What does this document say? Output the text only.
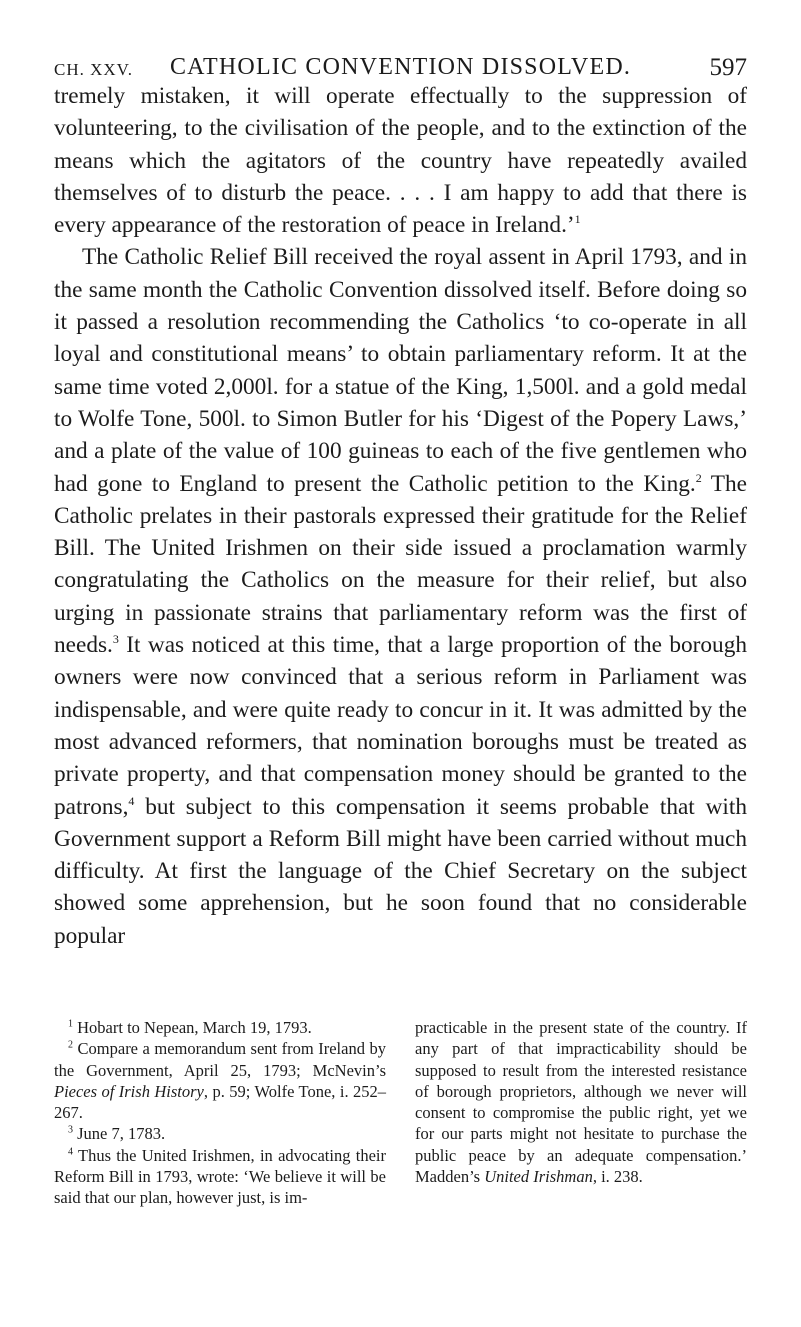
CH. XXV.	CATHOLIC CONVENTION DISSOLVED.	597

tremely mistaken, it will operate effectually to the suppression of volunteering, to the civilisation of the people, and to the extinction of the means which the agitators of the country have repeatedly availed themselves of to disturb the peace. . . . I am happy to add that there is every appearance of the restoration of peace in Ireland.’$^1$

The Catholic Relief Bill received the royal assent in April 1793, and in the same month the Catholic Convention dissolved itself. Before doing so it passed a resolution recommending the Catholics ‘to co-operate in all loyal and constitutional means’ to obtain parliamentary reform. It at the same time voted 2,000l. for a statue of the King, 1,500l. and a gold medal to Wolfe Tone, 500l. to Simon Butler for his ‘Digest of the Popery Laws,’ and a plate of the value of 100 guineas to each of the five gentlemen who had gone to England to present the Catholic petition to the King.$^2$ The Catholic prelates in their pastorals expressed their gratitude for the Relief Bill. The United Irishmen on their side issued a proclamation warmly congratulating the Catholics on the measure for their relief, but also urging in passionate strains that parliamentary reform was the first of needs.$^3$ It was noticed at this time, that a large proportion of the borough owners were now convinced that a serious reform in Parliament was indispensable, and were quite ready to concur in it. It was admitted by the most advanced reformers, that nomination boroughs must be treated as private property, and that compensation money should be granted to the patrons,$^4$ but subject to this compensation it seems probable that with Government support a Reform Bill might have been carried without much difficulty. At first the language of the Chief Secretary on the subject showed some apprehension, but he soon found that no considerable popular

$^1$ Hobart to Nepean, March 19, 1793.

$^2$ Compare a memorandum sent from Ireland by the Government, April 25, 1793; McNevin’s Pieces of Irish History, p. 59; Wolfe Tone, i. 252–267.

$^3$ June 7, 1783.

$^4$ Thus the United Irishmen, in advocating their Reform Bill in 1793, wrote: ‘We believe it will be said that our plan, however just, is im-

practicable in the present state of the country. If any part of that impracticability should be supposed to result from the interested resistance of borough proprietors, although we never will consent to compromise the public right, yet we for our parts might not hesitate to purchase the public peace by an adequate compensation.’ Madden’s United Irishman, i. 238.
